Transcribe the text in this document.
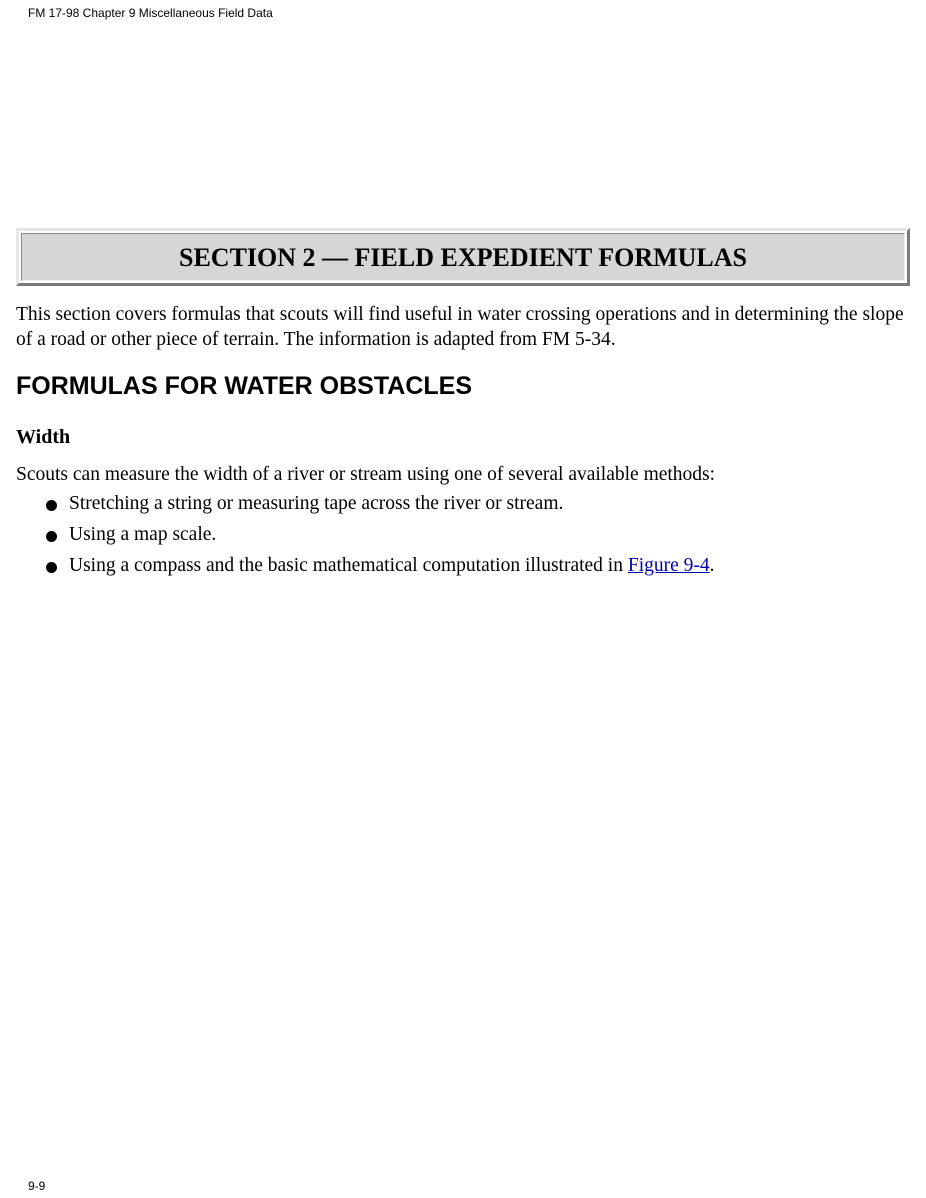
FM 17-98 Chapter 9 Miscellaneous Field Data
SECTION 2 — FIELD EXPEDIENT FORMULAS

This section covers formulas that scouts will find useful in water crossing operations and in determining the slope of a road or other piece of terrain. The information is adapted from FM 5-34.

FORMULAS FOR WATER OBSTACLES
Width

Scouts can measure the width of a river or stream using one of several available methods:

Stretching a string or measuring tape across the river or stream.
Using a map scale.
Using a compass and the basic mathematical computation illustrated in Figure 9-4.
9-9
